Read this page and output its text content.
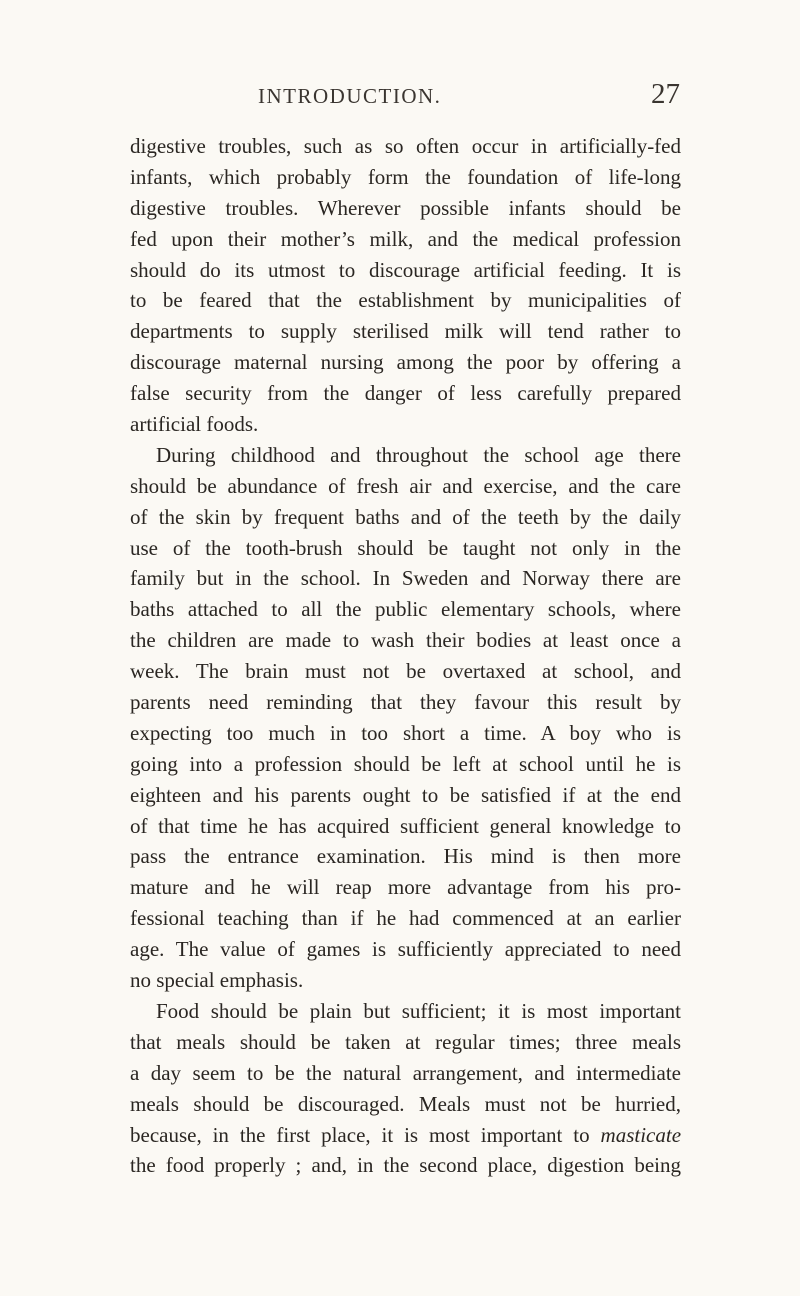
INTRODUCTION.	27
digestive troubles, such as so often occur in artificially-fed
infants, which probably form the foundation of life-long
digestive troubles. Wherever possible infants should be
fed upon their mother’s milk, and the medical profession
should do its utmost to discourage artificial feeding. It is
to be feared that the establishment by municipalities of
departments to supply sterilised milk will tend rather to
discourage maternal nursing among the poor by offering a
false security from the danger of less carefully prepared
artificial foods.
During childhood and throughout the school age there
should be abundance of fresh air and exercise, and the care
of the skin by frequent baths and of the teeth by the daily
use of the tooth-brush should be taught not only in the
family but in the school. In Sweden and Norway there are
baths attached to all the public elementary schools, where
the children are made to wash their bodies at least once a
week. The brain must not be overtaxed at school, and
parents need reminding that they favour this result by
expecting too much in too short a time. A boy who is
going into a profession should be left at school until he is
eighteen and his parents ought to be satisfied if at the end
of that time he has acquired sufficient general knowledge to
pass the entrance examination. His mind is then more
mature and he will reap more advantage from his pro-
fessional teaching than if he had commenced at an earlier
age. The value of games is sufficiently appreciated to need
no special emphasis.
Food should be plain but sufficient; it is most important
that meals should be taken at regular times; three meals
a day seem to be the natural arrangement, and intermediate
meals should be discouraged. Meals must not be hurried,
because, in the first place, it is most important to masticate
the food properly ; and, in the second place, digestion being
